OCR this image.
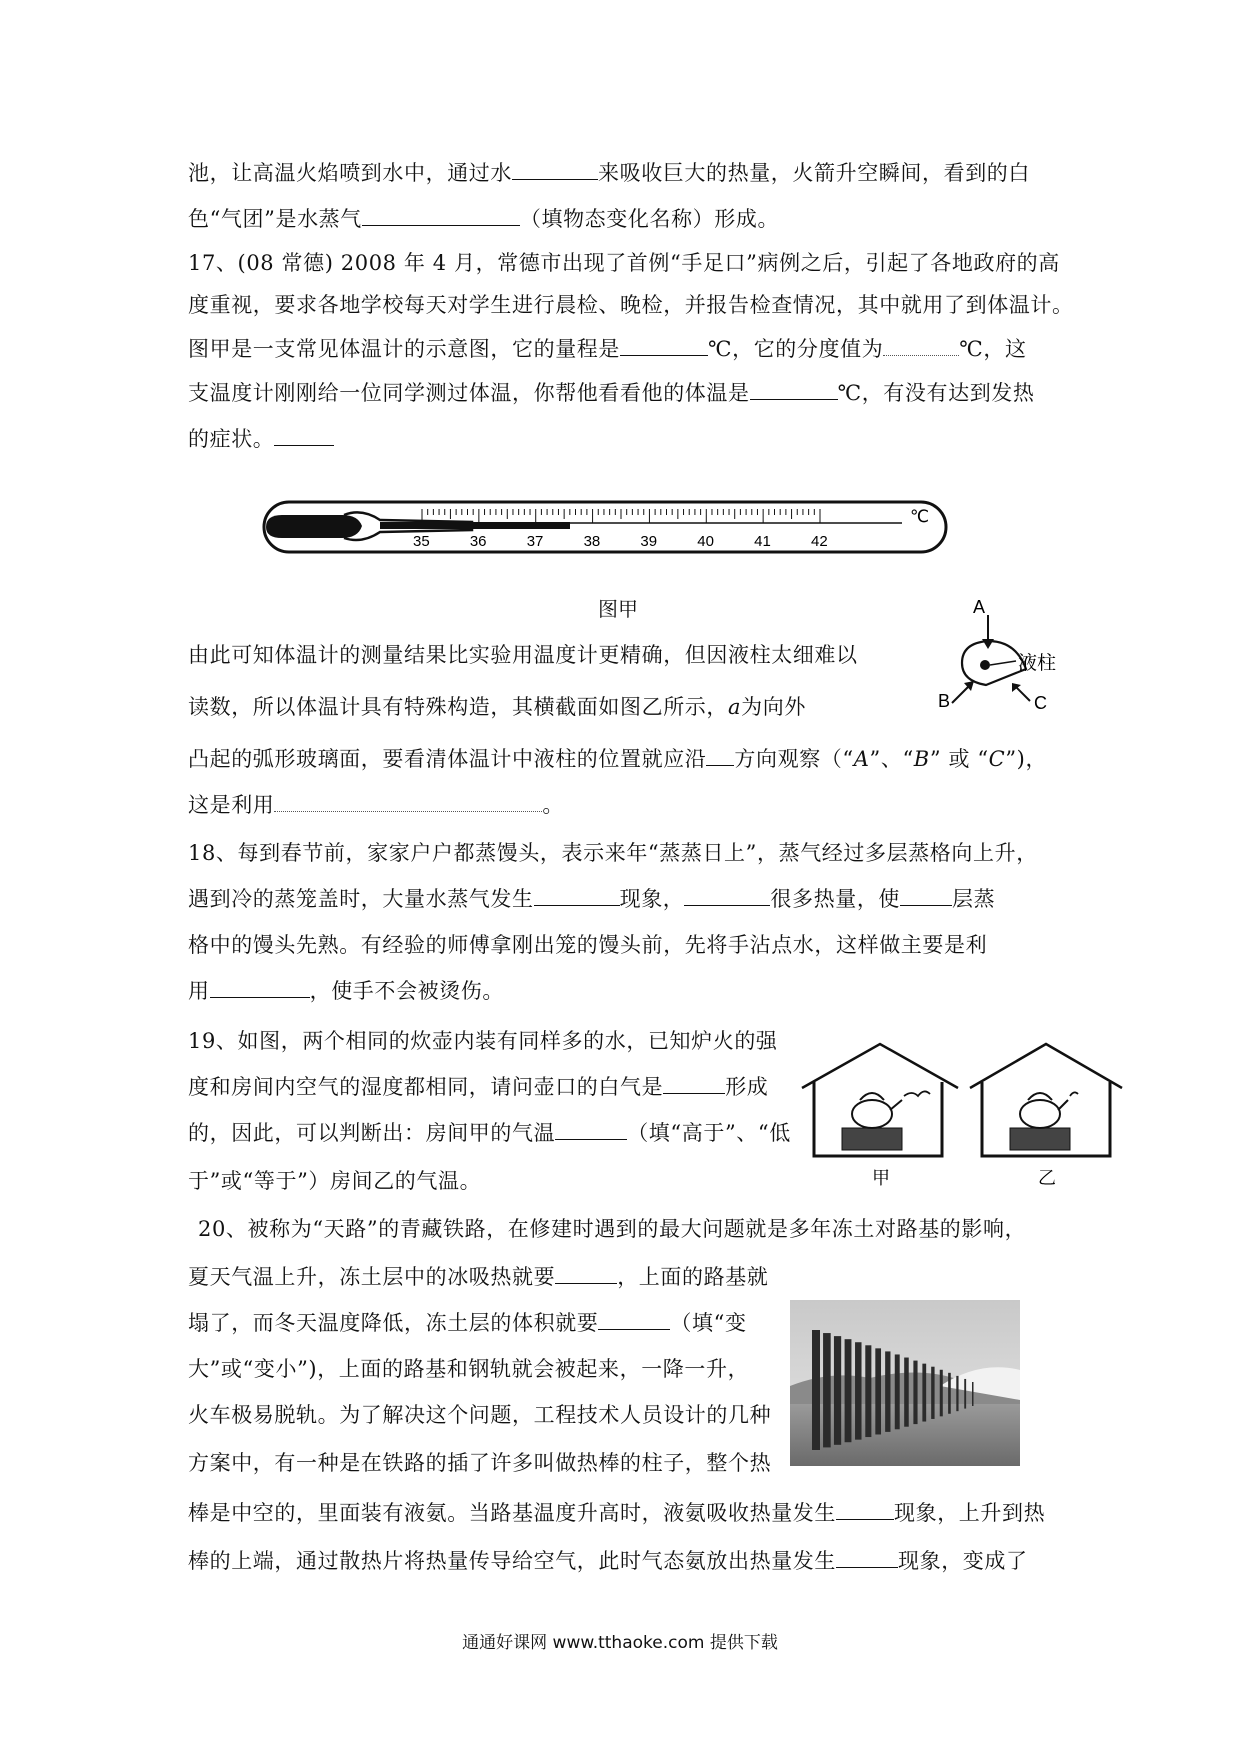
池，让高温火焰喷到水中，通过水	来吸收巨大的热量，火箭升空瞬间，看到的白
色“气团”是水蒸气	（填物态变化名称）形成。
17、(08 常德) 2008 年 4 月，常德市出现了首例“手足口”病例之后，引起了各地政府的高
度重视，要求各地学校每天对学生进行晨检、晚检，并报告检查情况，其中就用了到体温计。
图甲是一支常见体温计的示意图，它的量程是	℃，它的分度值为	℃，这
支温度计刚刚给一位同学测过体温，你帮他看看他的体温是	℃，有没有达到发热
的症状。
35	36	37	38	39	40	41	42
℃
图甲	A
液柱
B	C
由此可知体温计的测量结果比实验用温度计更精确，但因液柱太细难以
读数，所以体温计具有特殊构造，其横截面如图乙所示，a为向外
凸起的弧形玻璃面，要看清体温计中液柱的位置就应沿 方向观察（“A”、“B” 或 “C”)，
这是利用	。
18、每到春节前，家家户户都蒸馒头，表示来年“蒸蒸日上”，蒸气经过多层蒸格向上升，
遇到冷的蒸笼盖时，大量水蒸气发生	现象，	很多热量，使 层蒸
格中的馒头先熟。有经验的师傅拿刚出笼的馒头前，先将手沾点水，这样做主要是利
用	，使手不会被烫伤。
19、如图，两个相同的炊壶内装有同样多的水，已知炉火的强
度和房间内空气的湿度都相同，请问壶口的白气是	形成
的，因此，可以判断出：房间甲的气温	（填“高于”、“低
于”或“等于”）房间乙的气温。	甲	乙
20、被称为“天路”的青藏铁路，在修建时遇到的最大问题就是多年冻土对路基的影响，
夏天气温上升，冻土层中的冰吸热就要	，上面的路基就
塌了，而冬天温度降低，冻土层的体积就要	（填“变
大”或“变小”)，上面的路基和钢轨就会被起来，一降一升，
火车极易脱轨。为了解决这个问题，工程技术人员设计的几种
方案中，有一种是在铁路的插了许多叫做热棒的柱子，整个热
棒是中空的，里面装有液氨。当路基温度升高时，液氨吸收热量发生	现象，上升到热
棒的上端，通过散热片将热量传导给空气，此时气态氨放出热量发生	现象，变成了
通通好课网 www.tthaoke.com 提供下载
